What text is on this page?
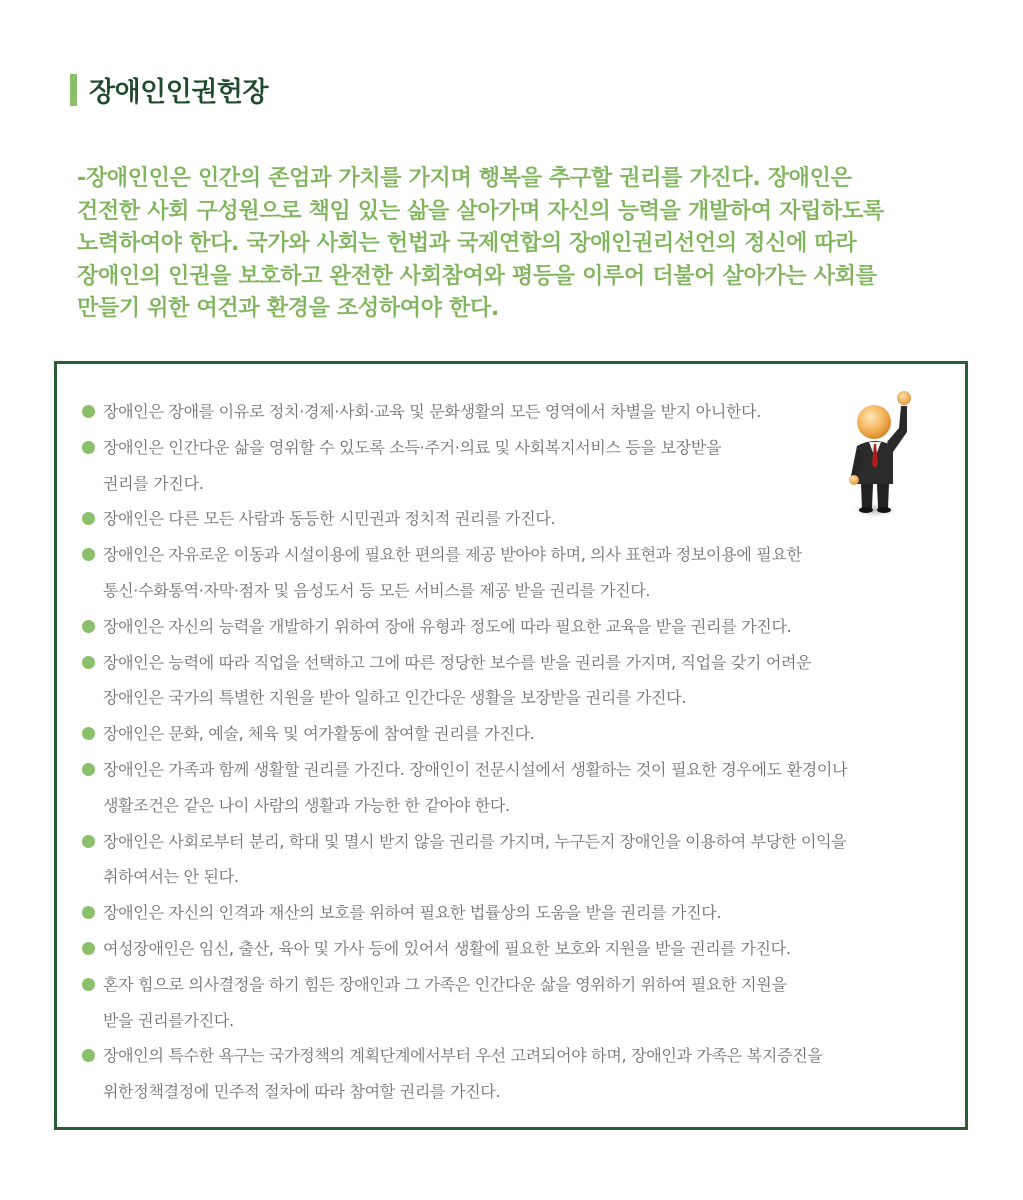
장애인인권헌장
-장애인인은 인간의 존엄과 가치를 가지며 행복을 추구할 권리를 가진다. 장애인은
건전한 사회 구성원으로 책임 있는 삶을 살아가며 자신의 능력을 개발하여 자립하도록
노력하여야 한다. 국가와 사회는 헌법과 국제연합의 장애인권리선언의 정신에 따라
장애인의 인권을 보호하고 완전한 사회참여와 평등을 이루어 더불어 살아가는 사회를
만들기 위한 여건과 환경을 조성하여야 한다.
장애인은 장애를 이유로 정치·경제·사회·교육 및 문화생활의 모든 영역에서 차별을 받지 아니한다.
장애인은 인간다운 삶을 영위할 수 있도록 소득·주거·의료 및 사회복지서비스 등을 보장받을
권리를 가진다.
장애인은 다른 모든 사람과 동등한 시민권과 정치적 권리를 가진다.
장애인은 자유로운 이동과 시설이용에 필요한 편의를 제공 받아야 하며, 의사 표현과 정보이용에 필요한
통신·수화통역·자막·점자 및 음성도서 등 모든 서비스를 제공 받을 권리를 가진다.
장애인은 자신의 능력을 개발하기 위하여 장애 유형과 정도에 따라 필요한 교육을 받을 권리를 가진다.
장애인은 능력에 따라 직업을 선택하고 그에 따른 정당한 보수를 받을 권리를 가지며, 직업을 갖기 어려운
장애인은 국가의 특별한 지원을 받아 일하고 인간다운 생활을 보장받을 권리를 가진다.
장애인은 문화, 예술, 체육 및 여가활동에 참여할 권리를 가진다.
장애인은 가족과 함께 생활할 권리를 가진다. 장애인이 전문시설에서 생활하는 것이 필요한 경우에도 환경이나
생활조건은 같은 나이 사람의 생활과 가능한 한 같아야 한다.
장애인은 사회로부터 분리, 학대 및 멸시 받지 않을 권리를 가지며, 누구든지 장애인을 이용하여 부당한 이익을
취하여서는 안 된다.
장애인은 자신의 인격과 재산의 보호를 위하여 필요한 법률상의 도움을 받을 권리를 가진다.
여성장애인은 임신, 출산, 육아 및 가사 등에 있어서 생활에 필요한 보호와 지원을 받을 권리를 가진다.
혼자 힘으로 의사결정을 하기 힘든 장애인과 그 가족은 인간다운 삶을 영위하기 위하여 필요한 지원을
받을 권리를가진다.
장애인의 특수한 욕구는 국가정책의 계획단계에서부터 우선 고려되어야 하며, 장애인과 가족은 복지증진을
위한정책결정에 민주적 절차에 따라 참여할 권리를 가진다.
